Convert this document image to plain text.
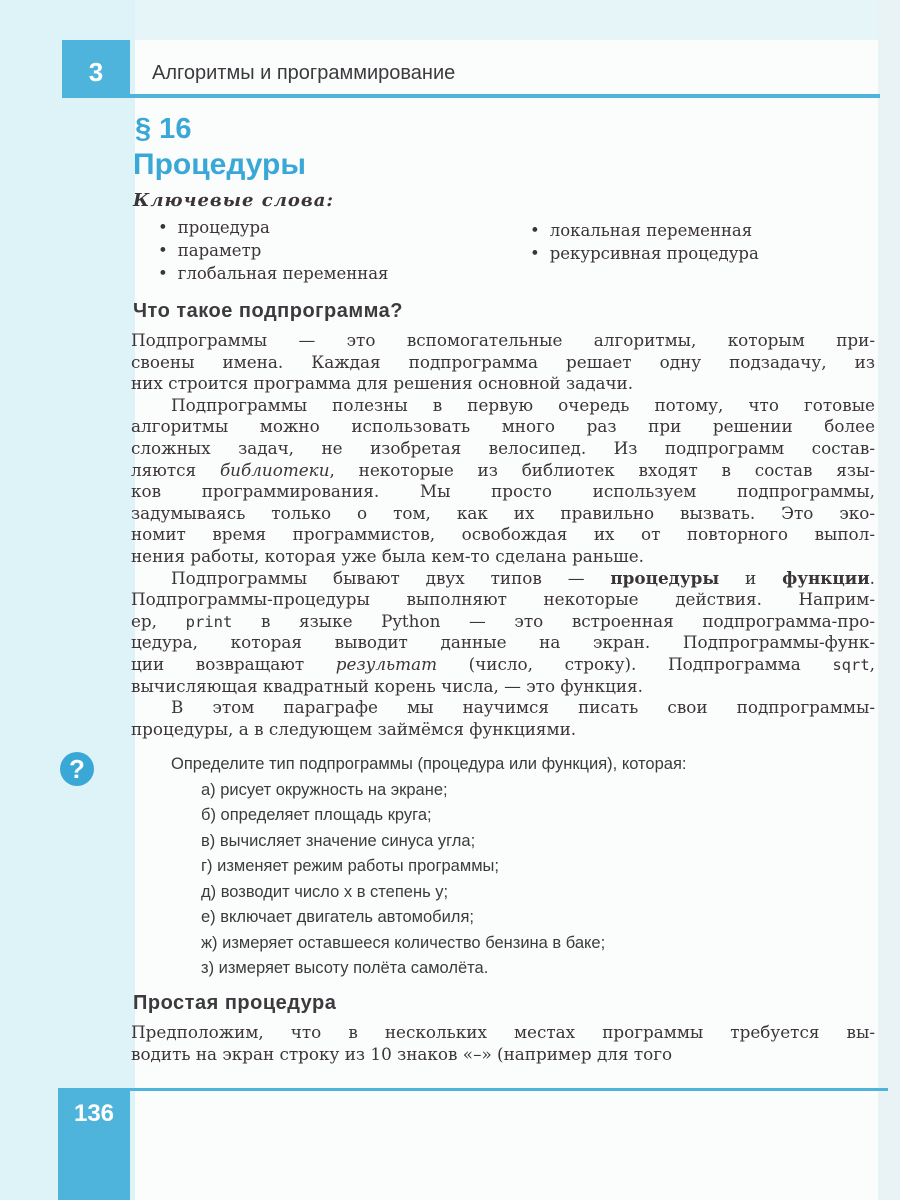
3	Алгоритмы и программирование
§ 16
Процедуры
Ключевые слова:
• процедура
• параметр
• глобальная переменная
• локальная переменная
• рекурсивная процедура
Что такое подпрограмма?
Подпрограммы — это вспомогательные алгоритмы, которым при-
своены имена. Каждая подпрограмма решает одну подзадачу, из
них строится программа для решения основной задачи.
Подпрограммы полезны в первую очередь потому, что готовые
алгоритмы можно использовать много раз при решении более
сложных задач, не изобретая велосипед. Из подпрограмм состав-
ляются библиотеки, некоторые из библиотек входят в состав язы-
ков программирования. Мы просто используем подпрограммы,
задумываясь только о том, как их правильно вызвать. Это эко-
номит время программистов, освобождая их от повторного выпол-
нения работы, которая уже была кем-то сделана раньше.
Подпрограммы бывают двух типов — процедуры и функции.
Подпрограммы-процедуры выполняют некоторые действия. Наприм-
ер, print в языке Python — это встроенная подпрограмма-про-
цедура, которая выводит данные на экран. Подпрограммы-функ-
ции возвращают результат (число, строку). Подпрограмма sqrt,
вычисляющая квадратный корень числа, — это функция.
В этом параграфе мы научимся писать свои подпрограммы-
процедуры, а в следующем займёмся функциями.
?	Определите тип подпрограммы (процедура или функция), которая:
а) рисует окружность на экране;
б) определяет площадь круга;
в) вычисляет значение синуса угла;
г) изменяет режим работы программы;
д) возводит число x в степень y;
е) включает двигатель автомобиля;
ж) измеряет оставшееся количество бензина в баке;
з) измеряет высоту полёта самолёта.
Простая процедура
Предположим, что в нескольких местах программы требуется вы-
водить на экран строку из 10 знаков «–» (например для того
136
